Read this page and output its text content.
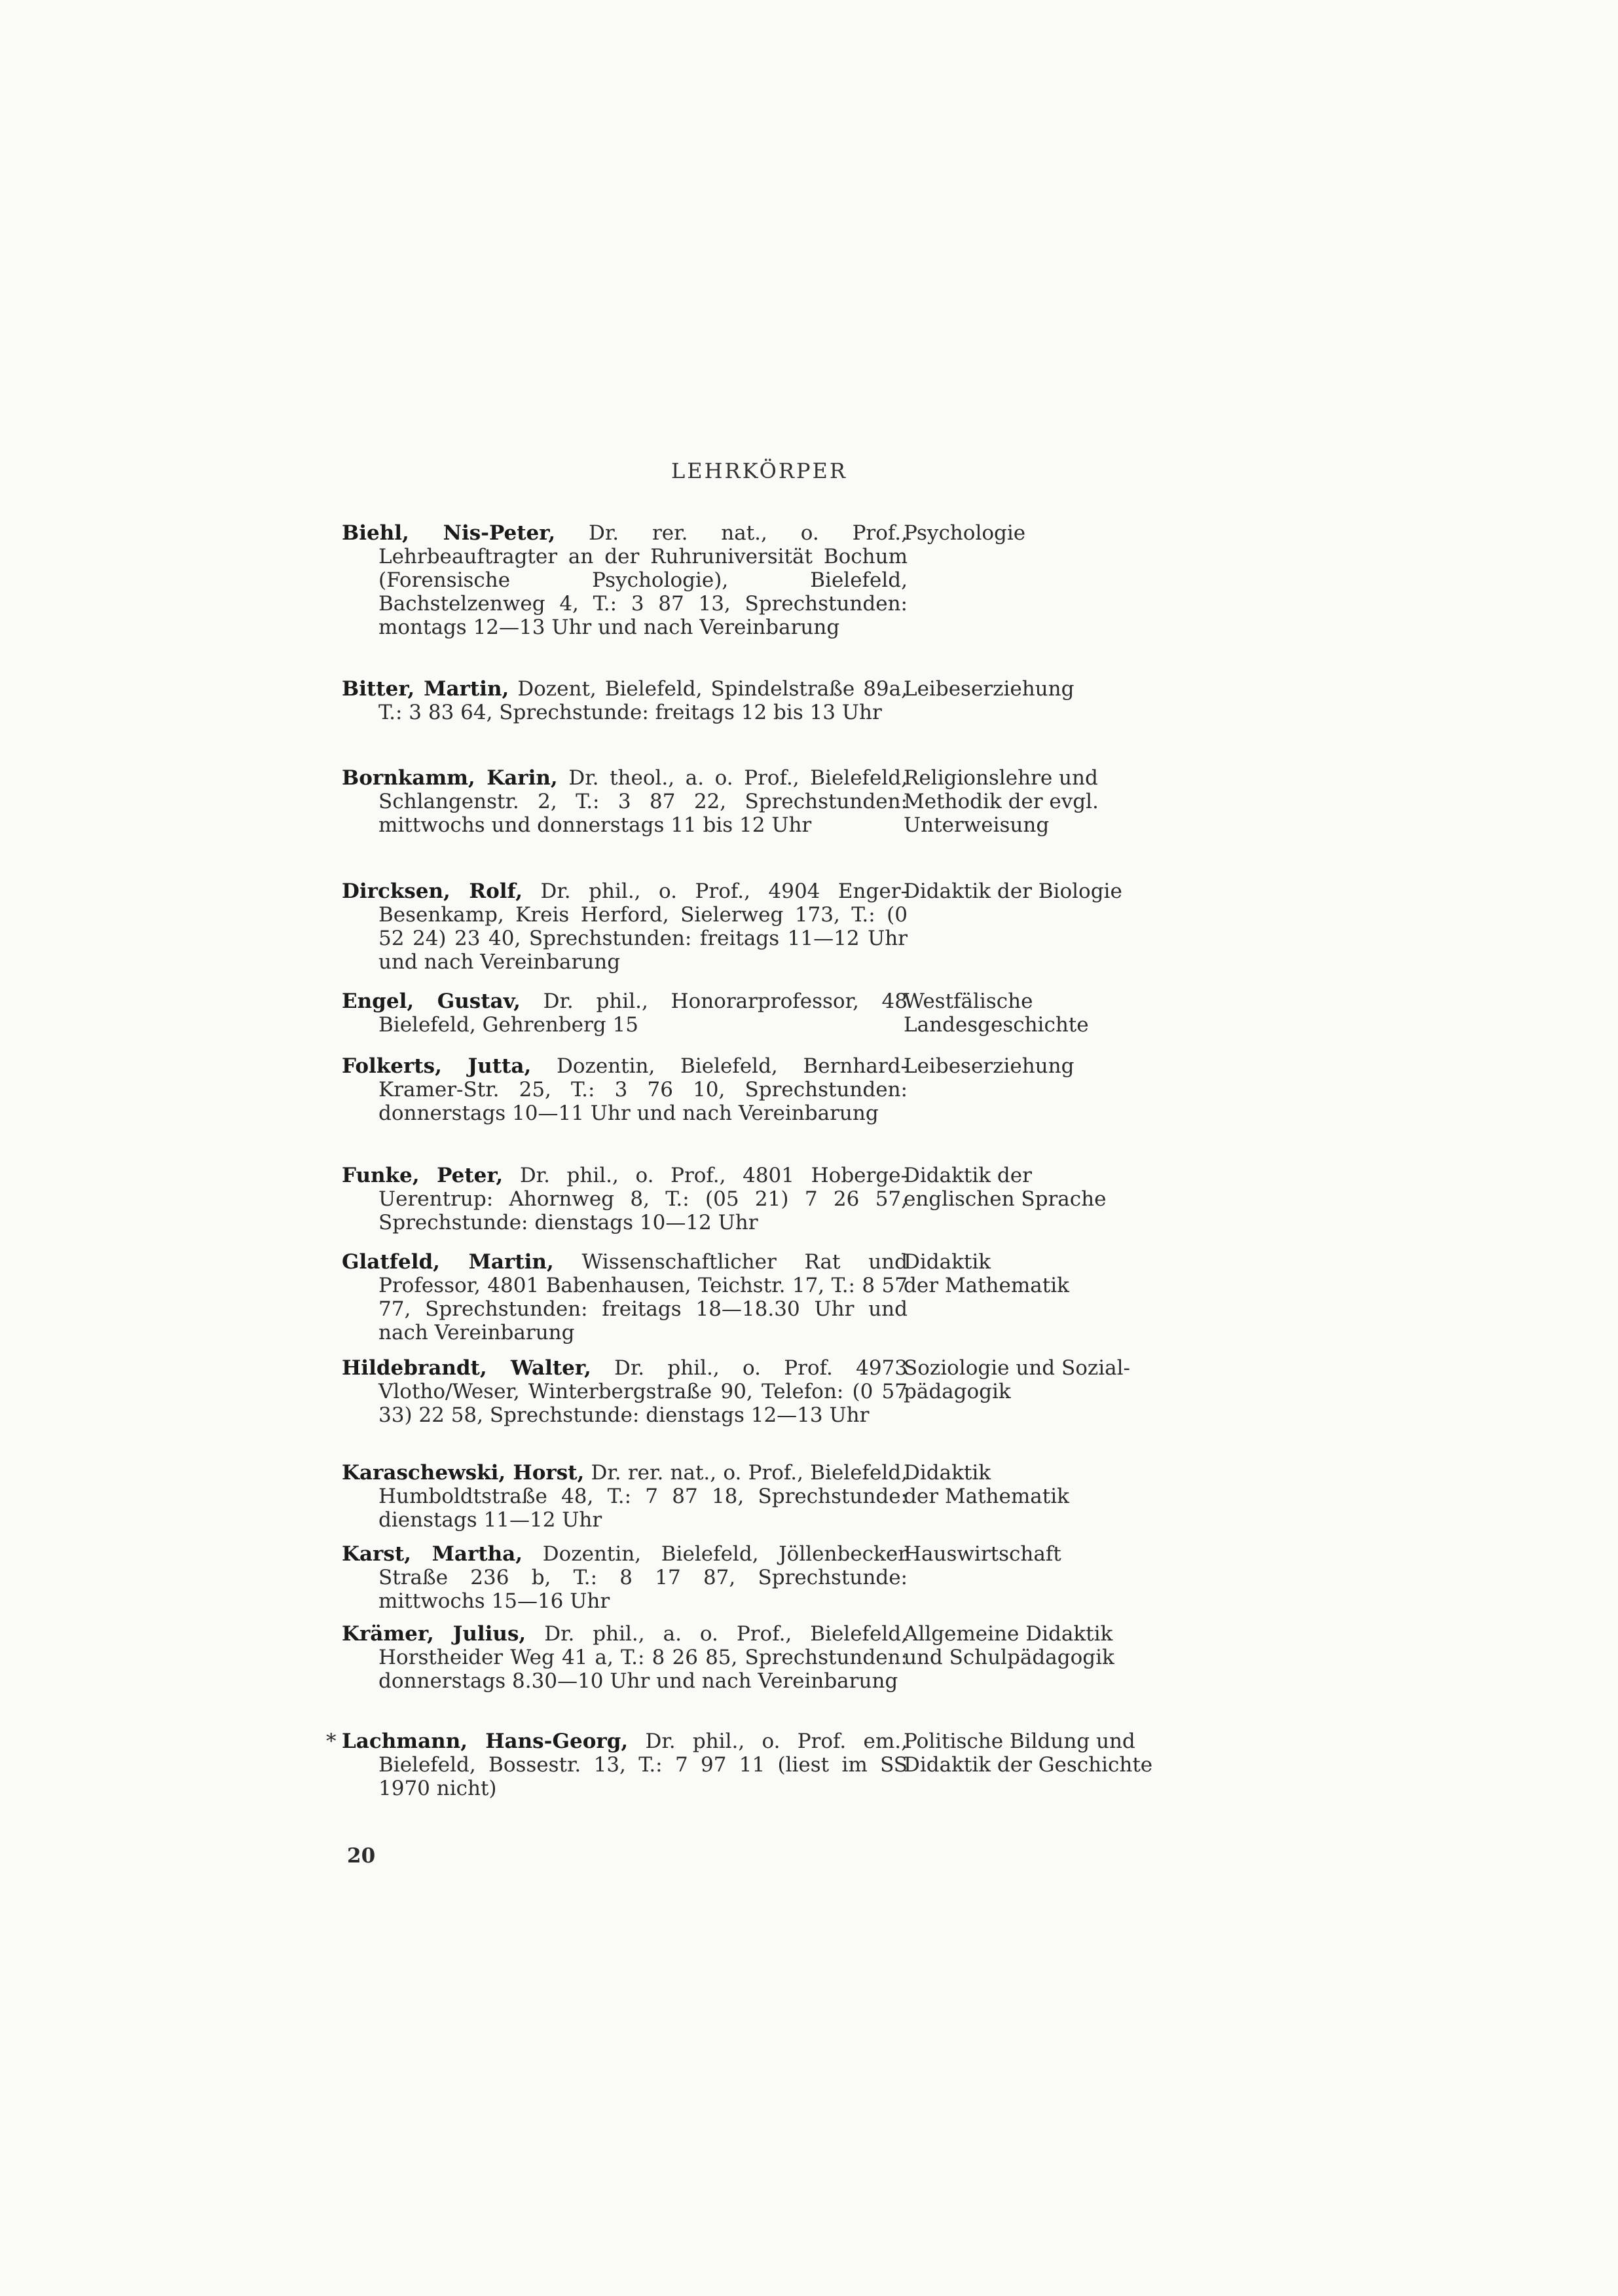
LEHRKÖRPER
Biehl, Nis-Peter, Dr. rer. nat., o. Prof., Lehrbeauftragter an der Ruhruniversität Bochum (Forensische Psychologie), Bielefeld, Bachstelzenweg 4, T.: 3 87 13, Sprechstunden: montags 12—13 Uhr und nach Vereinbarung
Psychologie
Bitter, Martin, Dozent, Bielefeld, Spindelstraße 89a, T.: 3 83 64, Sprechstunde: freitags 12 bis 13 Uhr
Leibeserziehung
Bornkamm, Karin, Dr. theol., a. o. Prof., Bielefeld, Schlangenstr. 2, T.: 3 87 22, Sprechstunden: mittwochs und donnerstags 11 bis 12 Uhr
Religionslehre und
Methodik der evgl.
Unterweisung
Dircksen, Rolf, Dr. phil., o. Prof., 4904 Enger-Besenkamp, Kreis Herford, Sielerweg 173, T.: (0 52 24) 23 40, Sprechstunden: freitags 11—12 Uhr und nach Vereinbarung
Didaktik der Biologie
Engel, Gustav, Dr. phil., Honorarprofessor, 48 Bielefeld, Gehrenberg 15
Westfälische
Landesgeschichte
Folkerts, Jutta, Dozentin, Bielefeld, Bernhard-Kramer-Str. 25, T.: 3 76 10, Sprechstunden: donnerstags 10—11 Uhr und nach Vereinbarung
Leibeserziehung
Funke, Peter, Dr. phil., o. Prof., 4801 Hoberge-Uerentrup: Ahornweg 8, T.: (05 21) 7 26 57, Sprechstunde: dienstags 10—12 Uhr
Didaktik der
englischen Sprache
Glatfeld, Martin, Wissenschaftlicher Rat und Professor, 4801 Babenhausen, Teichstr. 17, T.: 8 57 77, Sprechstunden: freitags 18—18.30 Uhr und nach Vereinbarung
Didaktik
der Mathematik
Hildebrandt, Walter, Dr. phil., o. Prof. 4973 Vlotho/Weser, Winterbergstraße 90, Telefon: (0 57 33) 22 58, Sprechstunde: dienstags 12—13 Uhr
Soziologie und Sozial-
pädagogik
Karaschewski, Horst, Dr. rer. nat., o. Prof., Bielefeld, Humboldtstraße 48, T.: 7 87 18, Sprechstunde: dienstags 11—12 Uhr
Didaktik
der Mathematik
Karst, Martha, Dozentin, Bielefeld, Jöllenbecker Straße 236 b, T.: 8 17 87, Sprechstunde: mittwochs 15—16 Uhr
Hauswirtschaft
Krämer, Julius, Dr. phil., a. o. Prof., Bielefeld, Horstheider Weg 41 a, T.: 8 26 85, Sprechstunden: donnerstags 8.30—10 Uhr und nach Vereinbarung
Allgemeine Didaktik
und Schulpädagogik
* Lachmann, Hans-Georg, Dr. phil., o. Prof. em., Bielefeld, Bossestr. 13, T.: 7 97 11 (liest im SS 1970 nicht)
Politische Bildung und
Didaktik der Geschichte
20
